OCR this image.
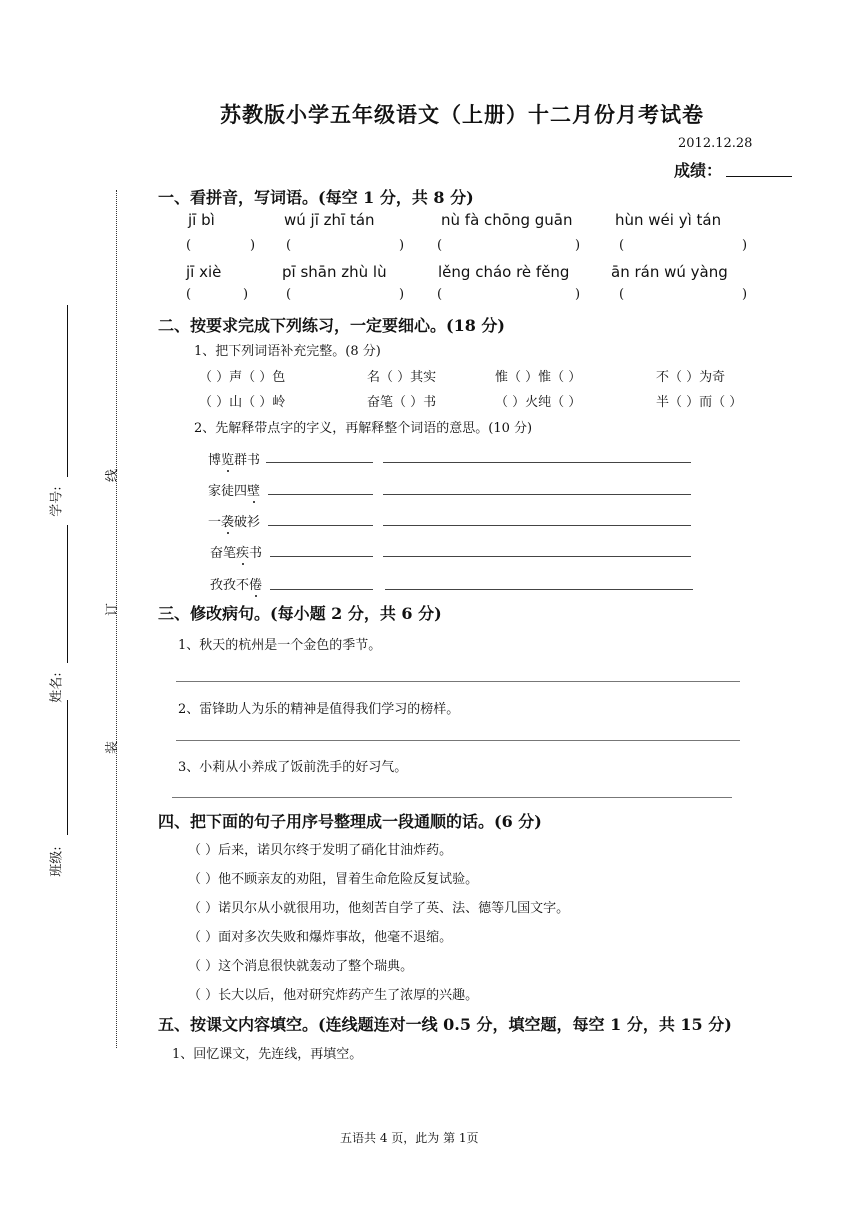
苏教版小学五年级语文（上册）十二月份月考试卷
2012.12.28
成绩：
学号:
姓名:
班级:
线
订
装
一、看拼音，写词语。(每空 1 分，共 8 分)
jī bì	wú jī zhī tán	nù fà chōng guān	hùn wéi yì tán
(	) (	)	(	)	(	)
jī xiè	pī shān zhù lù	lěng cháo rè fěng	ān rán wú yàng
(	)	(	)	(	)	(	)
二、按要求完成下列练习，一定要细心。(18 分)
1、把下列词语补充完整。(8 分)
（ ）声（ ）色	名（ ）其实	惟（ ）惟（ ）	不（ ）为奇
（ ）山（ ）岭	奋笔（ ）书	（ ）火纯（ ）	半（ ）而（ ）
2、先解释带点字的字义，再解释整个词语的意思。(10 分)
博览群书
家徒四壁
一袭破衫
奋笔疾书
孜孜不倦
三、修改病句。(每小题 2 分，共 6 分)
1、秋天的杭州是一个金色的季节。
2、雷锋助人为乐的精神是值得我们学习的榜样。
3、小莉从小养成了饭前洗手的好习气。
四、把下面的句子用序号整理成一段通顺的话。(6 分)
（ ）后来，诺贝尔终于发明了硝化甘油炸药。
（ ）他不顾亲友的劝阻，冒着生命危险反复试验。
（ ）诺贝尔从小就很用功，他刻苦自学了英、法、德等几国文字。
（ ）面对多次失败和爆炸事故，他毫不退缩。
（ ）这个消息很快就轰动了整个瑞典。
（ ）长大以后，他对研究炸药产生了浓厚的兴趣。
五、按课文内容填空。(连线题连对一线 0.5 分，填空题，每空 1 分，共 15 分)
1、回忆课文，先连线，再填空。
五语共 4 页，此为 第 1页
